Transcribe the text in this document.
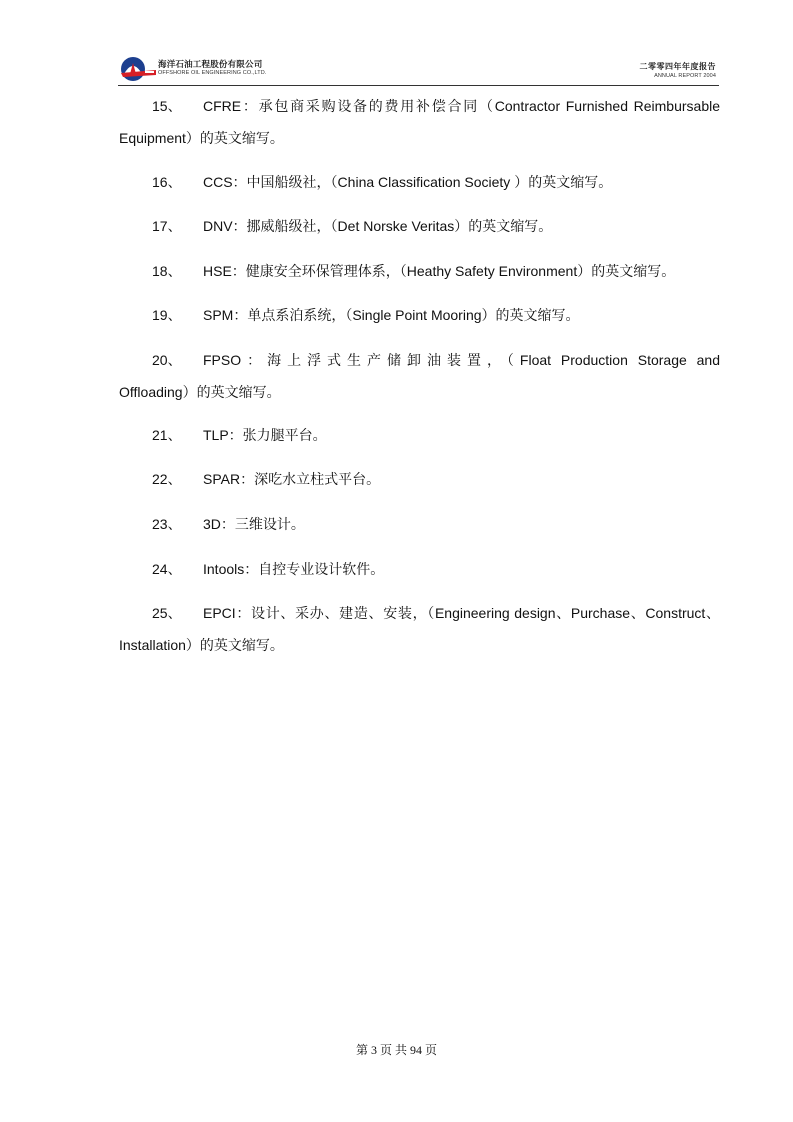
海洋石油工程股份有限公司
OFFSHORE OIL ENGINEERING CO.,LTD.
二零零四年年度报告
ANNUAL REPORT 2004
15、 CFRE：承包商采购设备的费用补偿合同（Contractor Furnished Reimbursable
Equipment）的英文缩写。
16、 CCS：中国船级社，（China Classification Society ）的英文缩写。
17、 DNV：挪威船级社，（Det Norske Veritas）的英文缩写。
18、 HSE：健康安全环保管理体系，（Heathy Safety Environment）的英文缩写。
19、 SPM：单点系泊系统，（Single Point Mooring）的英文缩写。
20、 FPSO：海上浮式生产储卸油装置，（Float Production Storage and
Offloading）的英文缩写。
21、 TLP：张力腿平台。
22、 SPAR：深吃水立柱式平台。
23、 3D：三维设计。
24、 Intools：自控专业设计软件。
25、 EPCI：设计、采办、建造、安装，（Engineering design、Purchase、Construct、
Installation）的英文缩写。
第 3 页 共 94 页
